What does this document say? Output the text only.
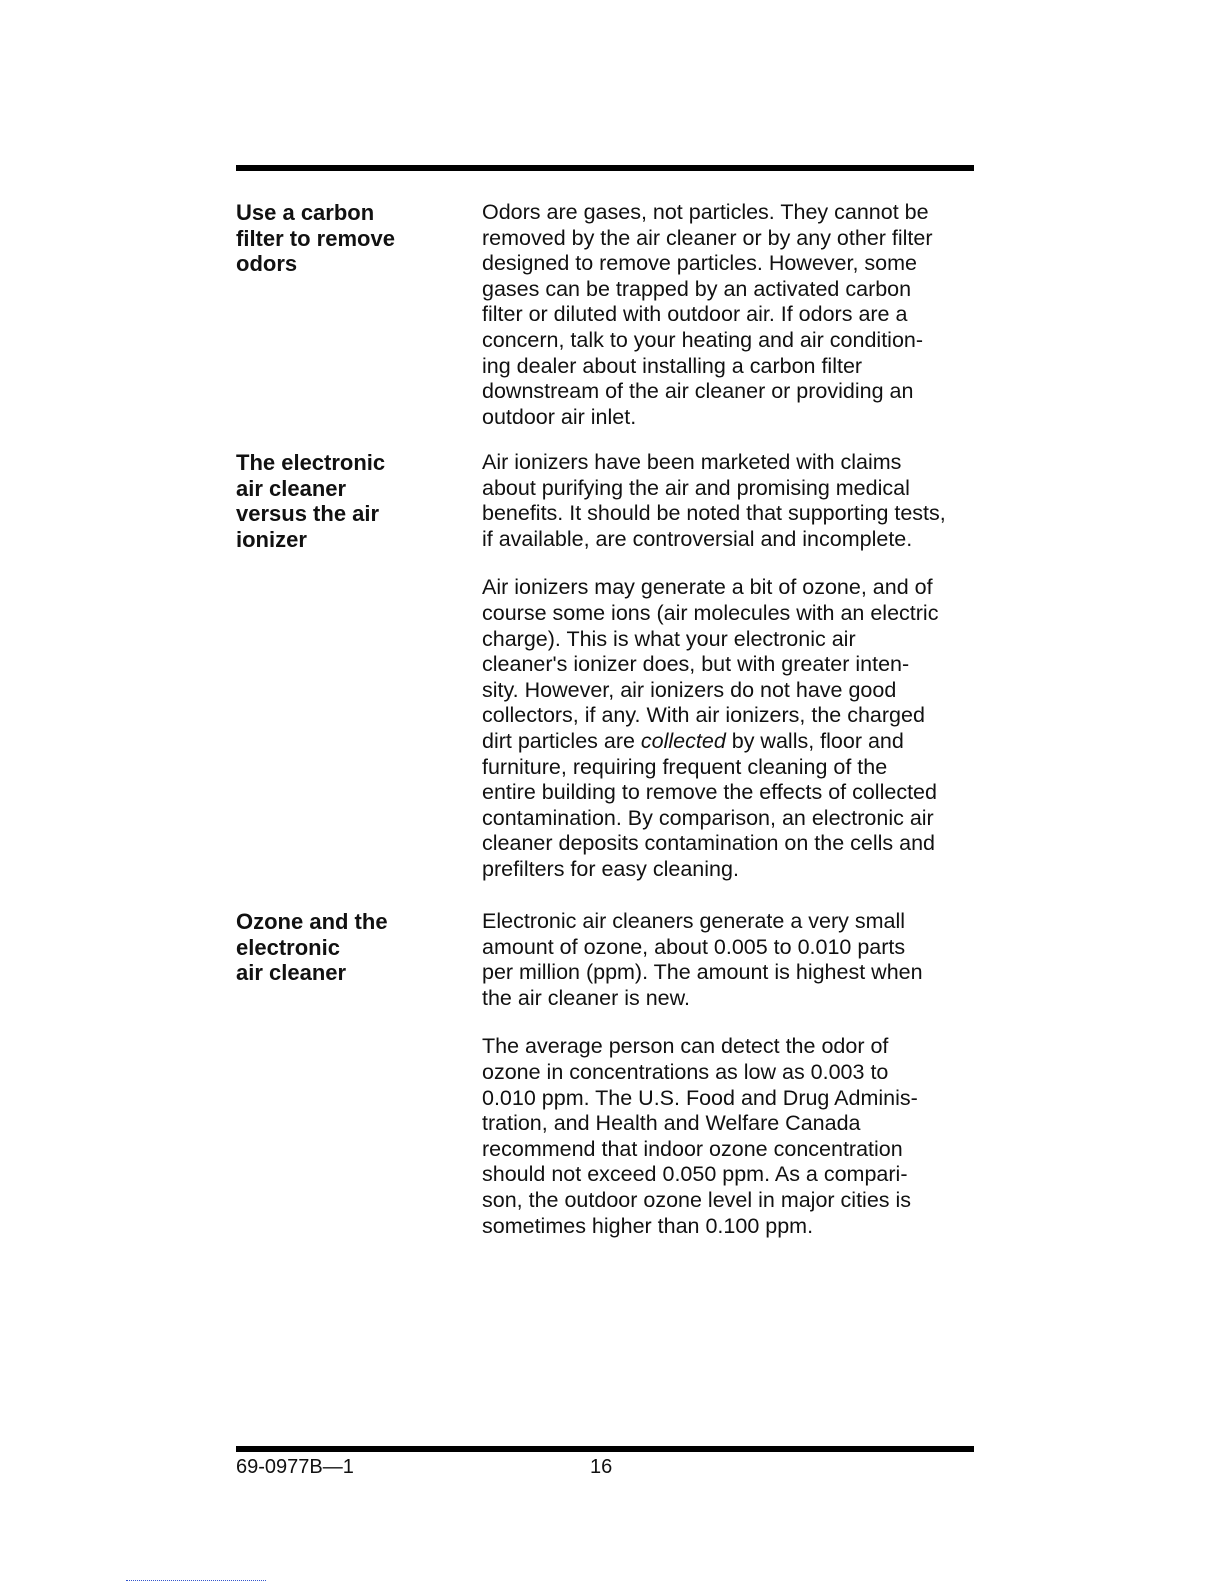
Use a carbon
filter to remove
odors

Odors are gases, not particles. They cannot be
removed by the air cleaner or by any other filter
designed to remove particles. However, some
gases can be trapped by an activated carbon
filter or diluted with outdoor air. If odors are a
concern, talk to your heating and air condition-
ing dealer about installing a carbon filter
downstream of the air cleaner or providing an
outdoor air inlet.

The electronic
air cleaner
versus the air
ionizer

Air ionizers have been marketed with claims
about purifying the air and promising medical
benefits. It should be noted that supporting tests,
if available, are controversial and incomplete.

Air ionizers may generate a bit of ozone, and of
course some ions (air molecules with an electric
charge). This is what your electronic air
cleaner's ionizer does, but with greater inten-
sity. However, air ionizers do not have good
collectors, if any. With air ionizers, the charged
dirt particles are collected by walls, floor and
furniture, requiring frequent cleaning of the
entire building to remove the effects of collected
contamination. By comparison, an electronic air
cleaner deposits contamination on the cells and
prefilters for easy cleaning.

Ozone and the
electronic
air cleaner

Electronic air cleaners generate a very small
amount of ozone, about 0.005 to 0.010 parts
per million (ppm). The amount is highest when
the air cleaner is new.

The average person can detect the odor of
ozone in concentrations as low as 0.003 to
0.010 ppm. The U.S. Food and Drug Adminis-
tration, and Health and Welfare Canada
recommend that indoor ozone concentration
should not exceed 0.050 ppm. As a compari-
son, the outdoor ozone level in major cities is
sometimes higher than 0.100 ppm.

69-0977B—1	16
